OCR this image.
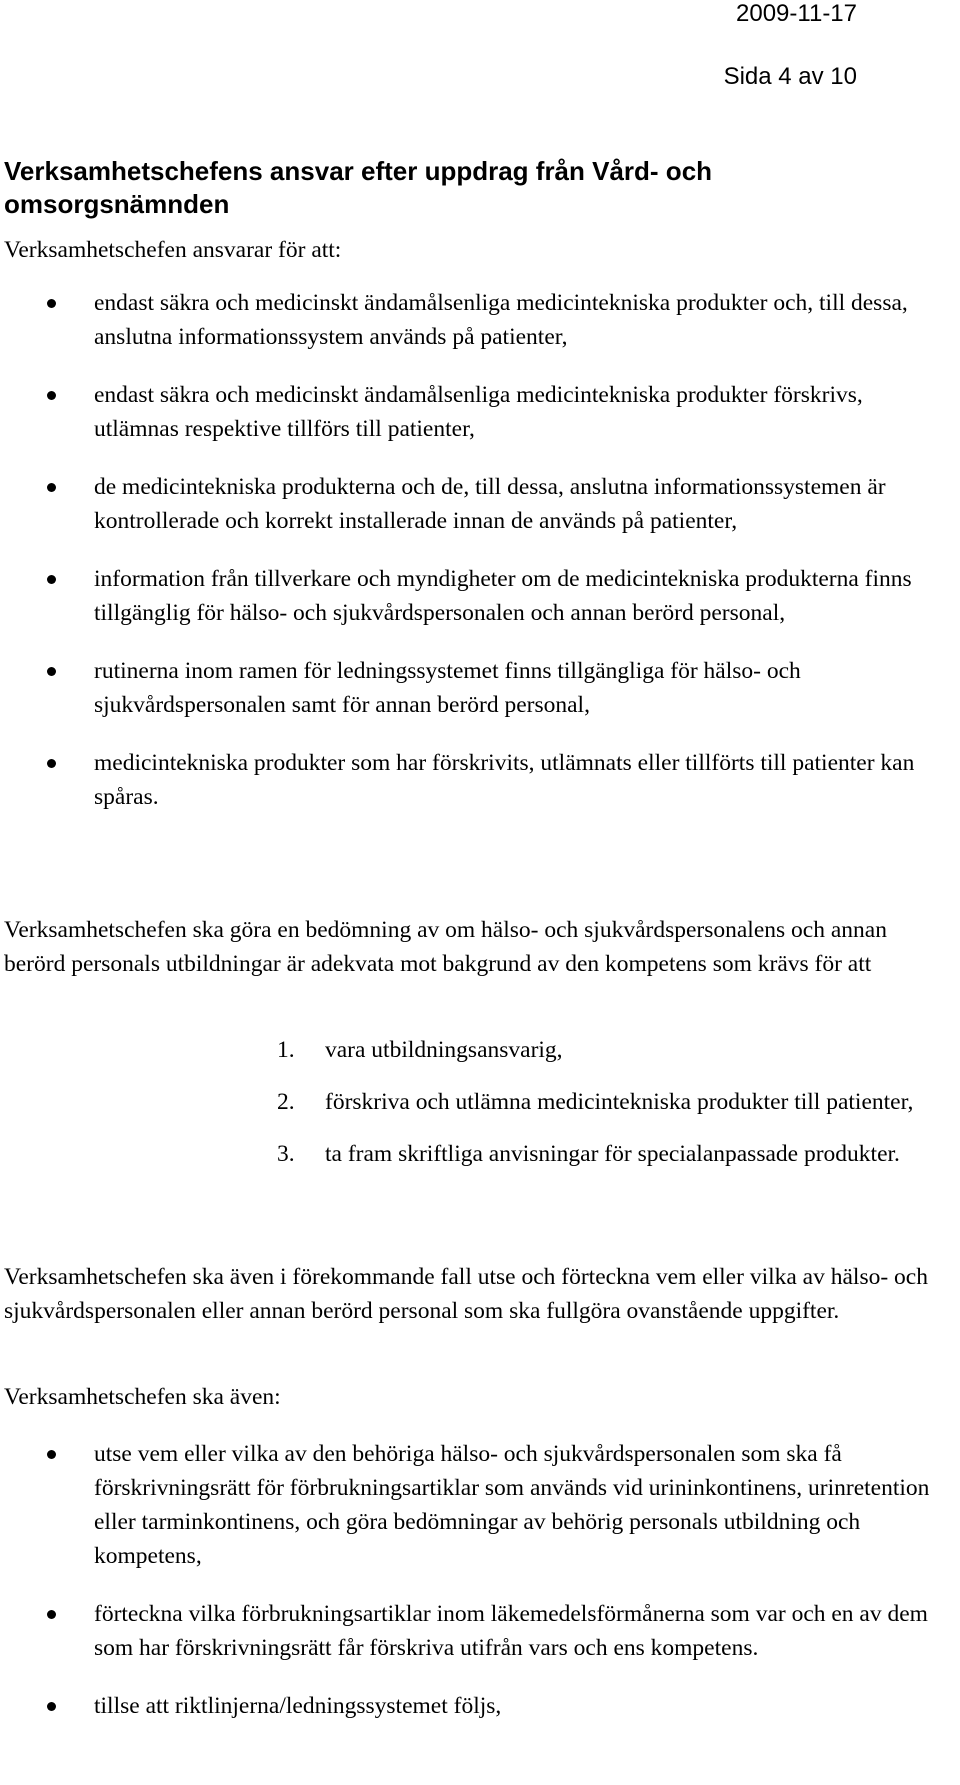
2009-11-17
Sida 4 av 10
Verksamhetschefens ansvar efter uppdrag från Vård- och omsorgsnämnden

Verksamhetschefen ansvarar för att:

endast säkra och medicinskt ändamålsenliga medicintekniska produkter och, till dessa, anslutna informationssystem används på patienter,
endast säkra och medicinskt ändamålsenliga medicintekniska produkter förskrivs, utlämnas respektive tillförs till patienter,
de medicintekniska produkterna och de, till dessa, anslutna informationssystemen är kontrollerade och korrekt installerade innan de används på patienter,
information från tillverkare och myndigheter om de medicintekniska produkterna finns tillgänglig för hälso- och sjukvårdspersonalen och annan berörd personal,
rutinerna inom ramen för ledningssystemet finns tillgängliga för hälso- och sjukvårdspersonalen samt för annan berörd personal,
medicintekniska produkter som har förskrivits, utlämnats eller tillförts till patienter kan spåras.

Verksamhetschefen ska göra en bedömning av om hälso- och sjukvårdspersonalens och annan berörd personals utbildningar är adekvata mot bakgrund av den kompetens som krävs för att

1. vara utbildningsansvarig,
2. förskriva och utlämna medicintekniska produkter till patienter,
3. ta fram skriftliga anvisningar för specialanpassade produkter.

Verksamhetschefen ska även i förekommande fall utse och förteckna vem eller vilka av hälso- och sjukvårdspersonalen eller annan berörd personal som ska fullgöra ovanstående uppgifter.

Verksamhetschefen ska även:

utse vem eller vilka av den behöriga hälso- och sjukvårdspersonalen som ska få förskrivningsrätt för förbrukningsartiklar som används vid urininkontinens, urinretention eller tarminkontinens, och göra bedömningar av behörig personals utbildning och kompetens,
förteckna vilka förbrukningsartiklar inom läkemedelsförmånerna som var och en av dem som har förskrivningsrätt får förskriva utifrån vars och ens kompetens.
tillse att riktlinjerna/ledningssystemet följs,
